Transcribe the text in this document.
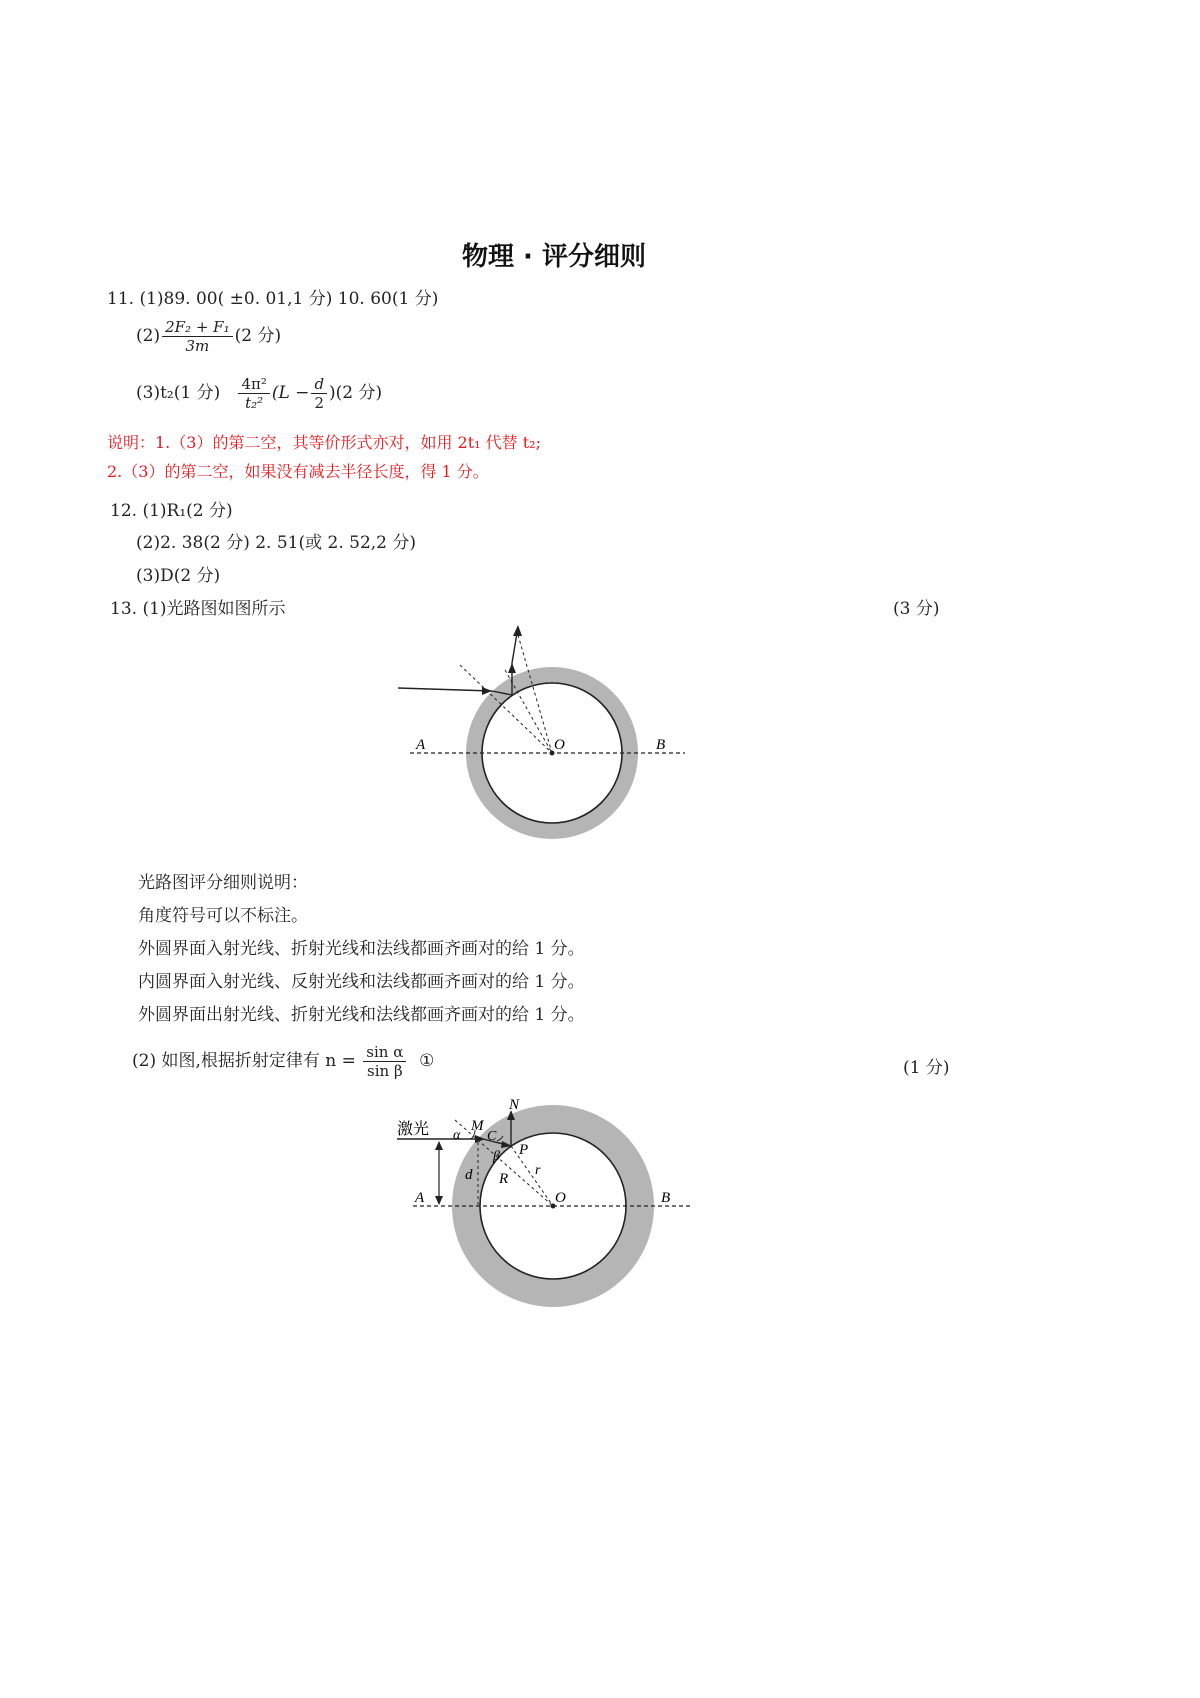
物理 · 评分细则
11. (1)89. 00( ±0. 01,1 分) 10. 60(1 分)
$(2) \frac{\text{2F₂ + F₁}}{3m} (2$ 分)
(3)t₂(1 分) $\frac{\text{4π²}}{\text{t₂²}} (L - \frac{d}{2} )(2$ 分)
说明：1.（3）的第二空，其等价形式亦对，如用 2t₁ 代替 t₂;
2.（3）的第二空，如果没有减去半径长度，得 1 分。
12. (1)R₁(2 分)
(2)2. 38(2 分) 2. 51(或 2. 52,2 分)
(3)D(2 分)
13. (1)光路图如图所示	(3 分)
A	O	B
光路图评分细则说明：
角度符号可以不标注。
外圆界面入射光线、折射光线和法线都画齐画对的给 1 分。
内圆界面入射光线、反射光线和法线都画齐画对的给 1 分。
外圆界面出射光线、折射光线和法线都画齐画对的给 1 分。
(2) 如图,根据折射定律有 $n = \frac{\text{sin α}}{\text{sin β}}$ ①	(1 分)
激光 α
M
N
C
β P
r
R
d
A	O	B
